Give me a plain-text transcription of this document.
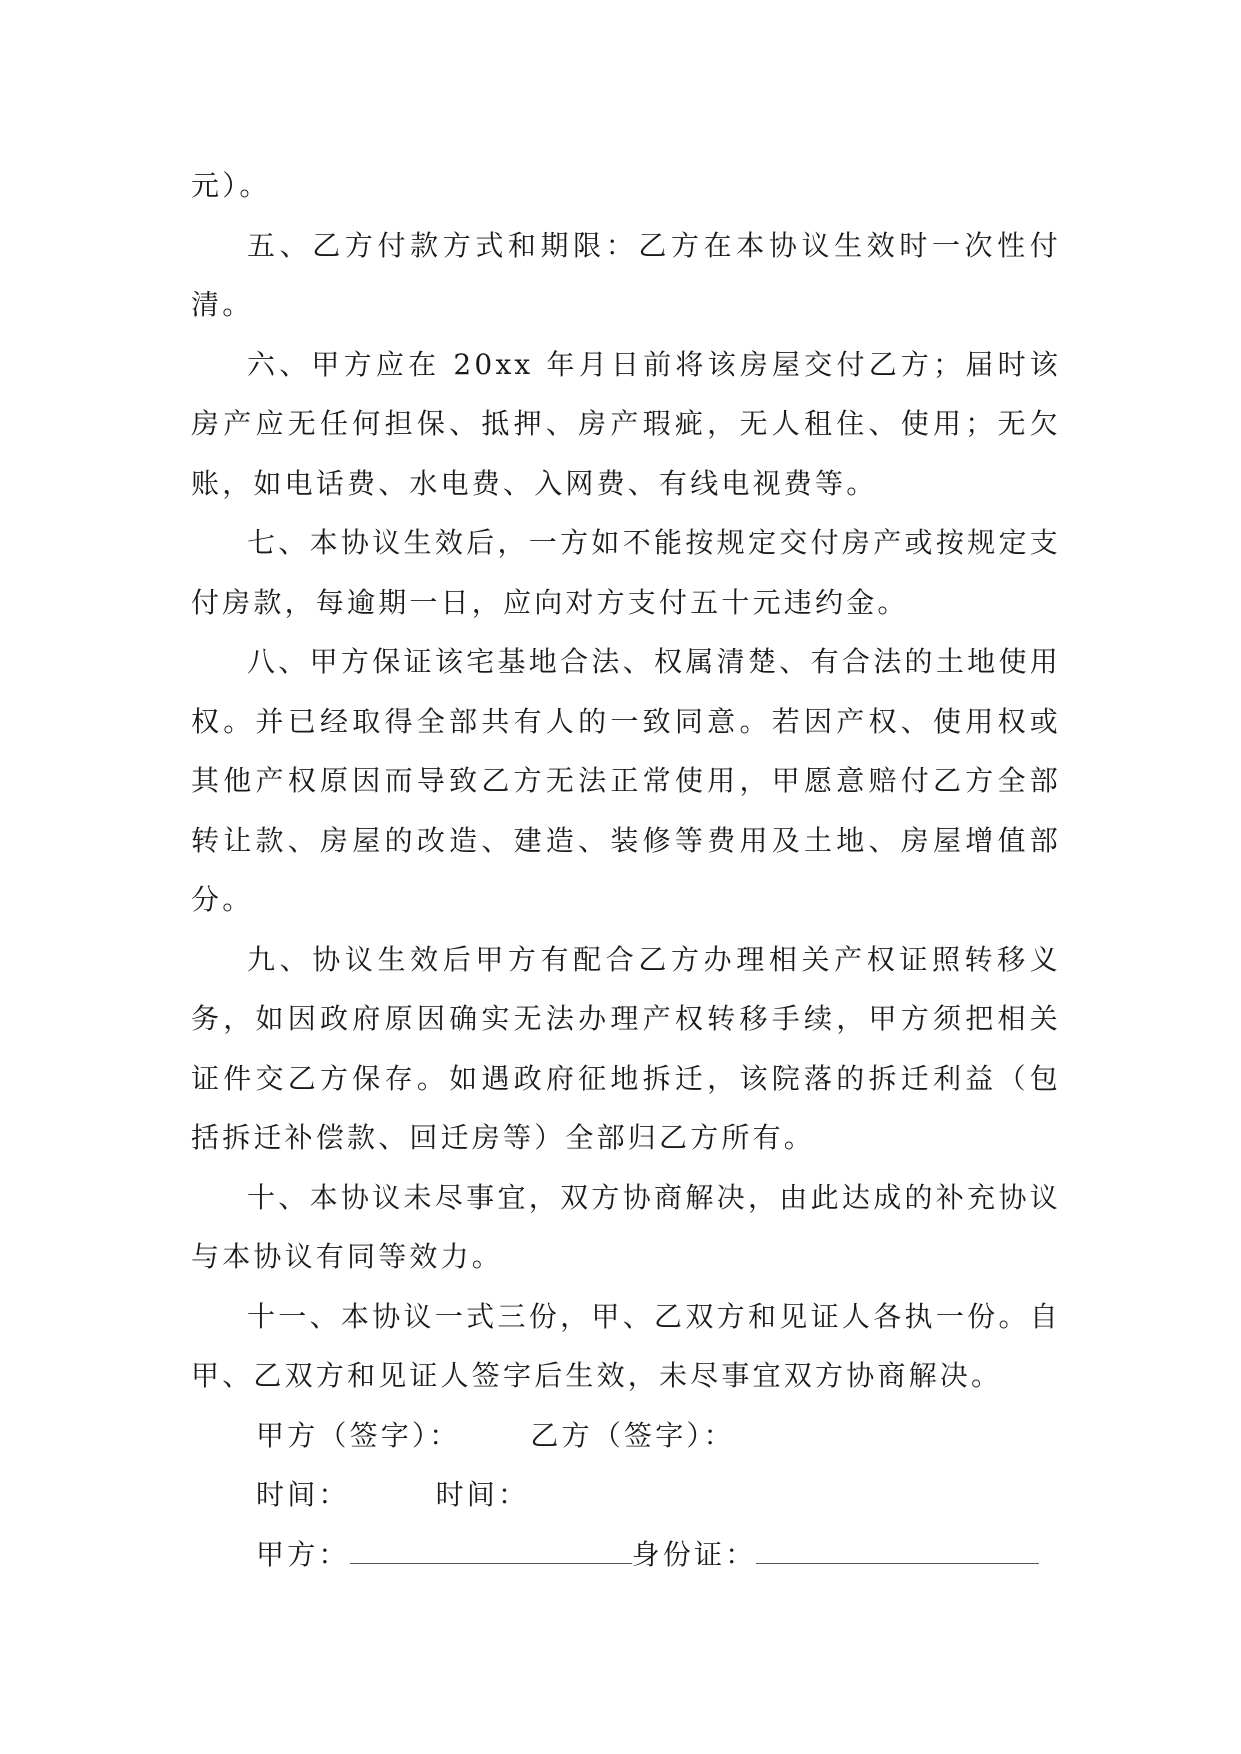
元）。

五、乙方付款方式和期限：乙方在本协议生效时一次性付清。

六、甲方应在 20xx 年月日前将该房屋交付乙方；届时该房产应无任何担保、抵押、房产瑕疵，无人租住、使用；无欠账，如电话费、水电费、入网费、有线电视费等。

七、本协议生效后，一方如不能按规定交付房产或按规定支付房款，每逾期一日，应向对方支付五十元违约金。

八、甲方保证该宅基地合法、权属清楚、有合法的土地使用权。并已经取得全部共有人的一致同意。若因产权、使用权或其他产权原因而导致乙方无法正常使用，甲愿意赔付乙方全部转让款、房屋的改造、建造、装修等费用及土地、房屋增值部分。

九、协议生效后甲方有配合乙方办理相关产权证照转移义务，如因政府原因确实无法办理产权转移手续，甲方须把相关证件交乙方保存。如遇政府征地拆迁，该院落的拆迁利益（包括拆迁补偿款、回迁房等）全部归乙方所有。

十、本协议未尽事宜，双方协商解决，由此达成的补充协议与本协议有同等效力。

十一、本协议一式三份，甲、乙双方和见证人各执一份。自甲、乙双方和见证人签字后生效，未尽事宜双方协商解决。

甲方（签字）：	乙方（签字）：

时间：	时间：

甲方：	身份证：
